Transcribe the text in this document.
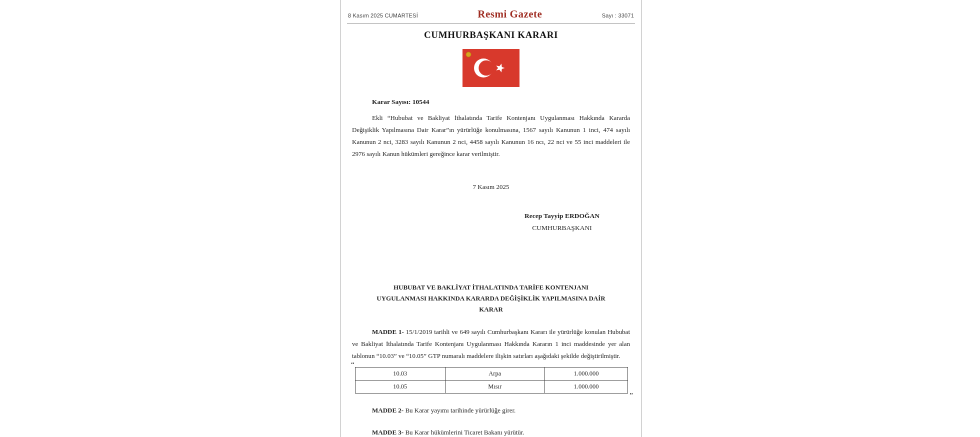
8 Kasım 2025 CUMARTESİ	Resmi Gazete	Sayı : 33071
CUMHURBAŞKANI KARARI
Karar Sayısı: 10544

Ekli “Hububat ve Bakliyat İthalatında Tarife Kontenjanı Uygulanması Hakkında Kararda Değişiklik Yapılmasına Dair Karar”ın yürürlüğe konulmasına, 1567 sayılı Kanunun 1 inci, 474 sayılı Kanunun 2 nci, 3283 sayılı Kanunun 2 nci, 4458 sayılı Kanunun 16 ncı, 22 nci ve 55 inci maddeleri ile 2976 sayılı Kanun hükümleri gereğince karar verilmiştir.

7 Kasım 2025
Recep Tayyip ERDOĞAN
CUMHURBAŞKANI
HUBUBAT VE BAKLİYAT İTHALATINDA TARİFE KONTENJANI
UYGULANMASI HAKKINDA KARARDA DEĞİŞİKLİK YAPILMASINA DAİR
KARAR

MADDE 1- 15/1/2019 tarihli ve 649 sayılı Cumhurbaşkanı Kararı ile yürürlüğe konulan Hububat ve Bakliyat İthalatında Tarife Kontenjanı Uygulanması Hakkında Kararın 1 inci maddesinde yer alan tablonun “10.03” ve “10.05” GTP numaralı maddelere ilişkin satırları aşağıdaki şekilde değiştirilmiştir.

“
10.03	Arpa	1.000.000
10.05	Mısır	1.000.000
”

MADDE 2- Bu Karar yayımı tarihinde yürürlüğe girer.

MADDE 3- Bu Karar hükümlerini Ticaret Bakanı yürütür.
